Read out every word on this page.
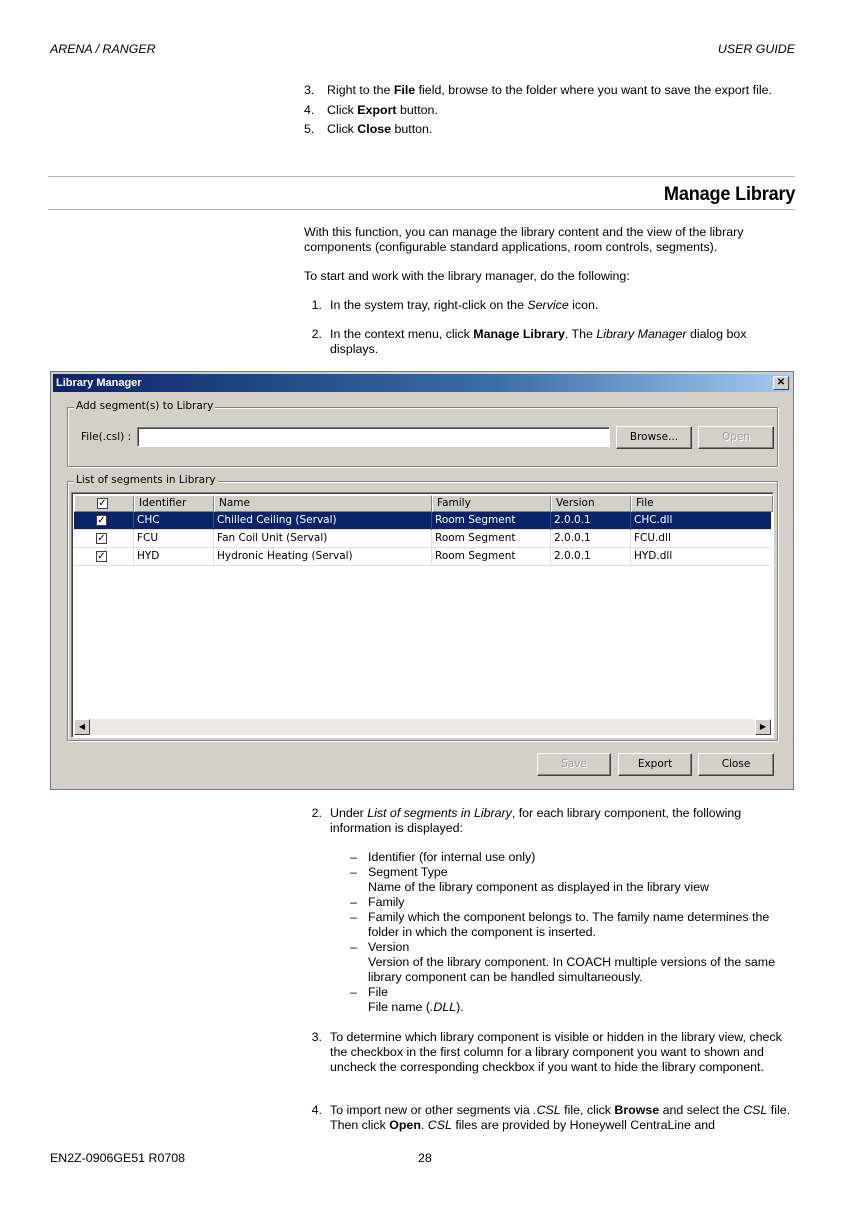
ARENA / RANGER	USER GUIDE
3.	Right to the File field, browse to the folder where you want to save the export file.
4.	Click Export button.
5.	Click Close button.
Manage Library
With this function, you can manage the library content and the view of the library components (configurable standard applications, room controls, segments).
To start and work with the library manager, do the following:
1. In the system tray, right-click on the Service icon.
2. In the context menu, click Manage Library. The Library Manager dialog box displays.
Library Manager	✕
Add segment(s) to Library
File(.csl) :	Browse...	Open
List of segments in Library
✓	Identifier	Name	Family	Version	File
✓	CHC	Chilled Ceiling (Serval)	Room Segment	2.0.0.1	CHC.dll
✓	FCU	Fan Coil Unit (Serval)	Room Segment	2.0.0.1	FCU.dll
✓	HYD	Hydronic Heating (Serval)	Room Segment	2.0.0.1	HYD.dll
◀	▶
Save	Export	Close
2. Under List of segments in Library, for each library component, the following information is displayed:
– Identifier (for internal use only)
– Segment Type
Name of the library component as displayed in the library view
– Family
– Family which the component belongs to. The family name determines the folder in which the component is inserted.
– Version
Version of the library component. In COACH multiple versions of the same library component can be handled simultaneously.
– File
File name (.DLL).
3. To determine which library component is visible or hidden in the library view, check the checkbox in the first column for a library component you want to shown and uncheck the corresponding checkbox if you want to hide the library component.
4. To import new or other segments via .CSL file, click Browse and select the CSL file. Then click Open. CSL files are provided by Honeywell CentraLine and
EN2Z-0906GE51 R0708	28
